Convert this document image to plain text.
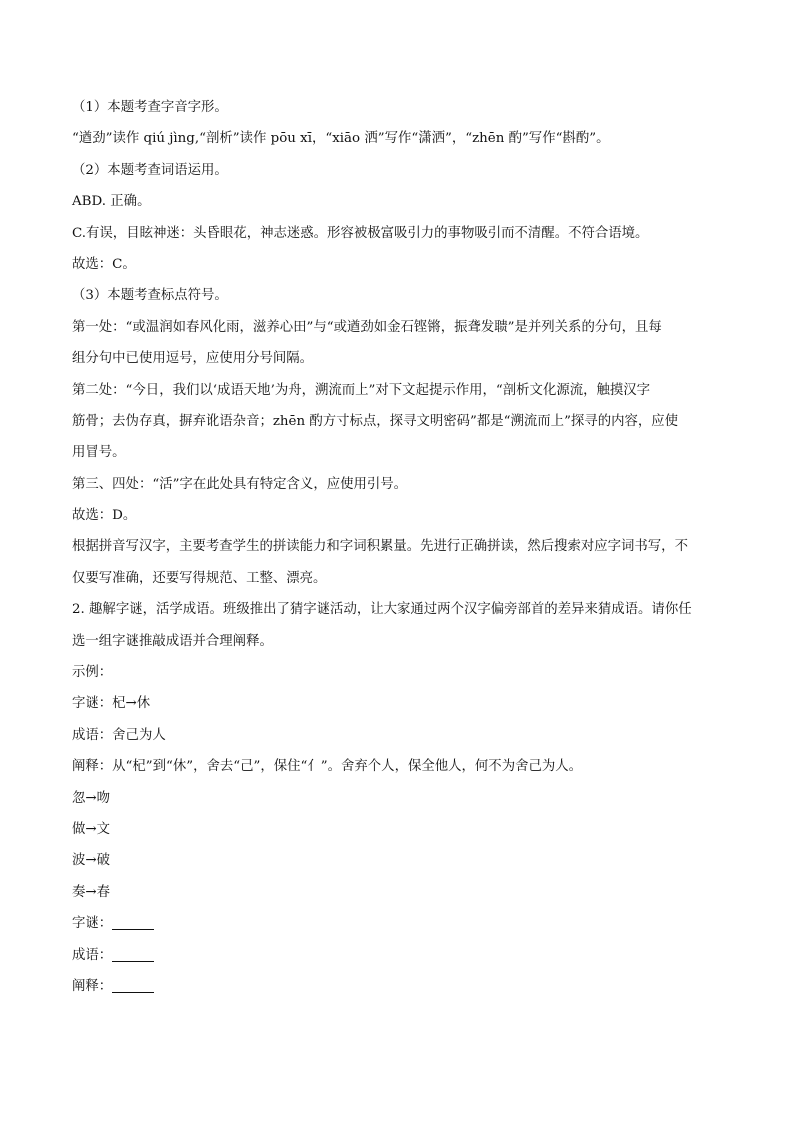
（1）本题考查字音字形。
“遒劲”读作 qiú jìng,“剖析”读作 pōu xī，“xiāo 洒”写作“潇洒”，“zhēn 酌”写作“斟酌”。
（2）本题考查词语运用。
ABD. 正确。
C.有误，目眩神迷：头昏眼花，神志迷惑。形容被极富吸引力的事物吸引而不清醒。不符合语境。
故选：C。
（3）本题考查标点符号。
第一处：“或温润如春风化雨，滋养心田”与“或遒劲如金石铿锵，振聋发聩”是并列关系的分句，且每
组分句中已使用逗号，应使用分号间隔。
第二处：“今日，我们以‘成语天地’为舟，溯流而上”对下文起提示作用，“剖析文化源流，触摸汉字
筋骨；去伪存真，摒弃讹语杂音；zhēn 酌方寸标点，探寻文明密码”都是“溯流而上”探寻的内容，应使
用冒号。
第三、四处：“活”字在此处具有特定含义，应使用引号。
故选：D。
根据拼音写汉字，主要考查学生的拼读能力和字词积累量。先进行正确拼读，然后搜索对应字词书写，不
仅要写准确，还要写得规范、工整、漂亮。
2. 趣解字谜，活学成语。班级推出了猜字谜活动，让大家通过两个汉字偏旁部首的差异来猜成语。请你任
选一组字谜推敲成语并合理阐释。
示例：
字谜：杞→休
成语：舍己为人
阐释：从“杞”到“休”，舍去“己”，保住“亻”。舍弃个人，保全他人，何不为舍己为人。
忽→吻
做→文
波→破
奏→春
字谜：
成语：
阐释：
